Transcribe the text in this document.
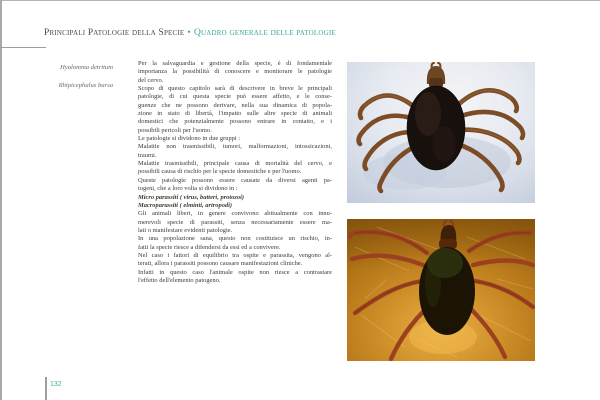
Principali Patologie della Specie • Quadro generale delle patologie
Hyalomma detritum
Rhipicephalus bursa
Per la salvaguardia e gestione della specie, è di fondamentale
importanza la possibilità di conoscere e monitorare le patologie
del cervo.
Scopo di questo capitolo sarà di descrivere in breve le principali
patologie, di cui questa specie può essere affetto, e le conse-
guenze che ne possono derivare, nella sua dinamica di popola-
zione in stato di libertà, l'impatto sulle altre specie di animali
domestici che potenzialmente possono entrare in contatto, e i
possibili pericoli per l'uomo.
Le patologie si dividono in due gruppi :
Malattie non trasmissibili, tumori, malformazioni, intossicazioni,
traumi.
Malattie trasmissibili, principale causa di mortalità del cervo, e
possibili causa di rischio per le specie domestiche e per l'uomo.
Queste patologie possono essere causate da diversi agenti pa-
togeni, che a loro volta si dividono in :
Micro parassiti ( virus, batteri, protozoi)
Macroparassiti ( elminti, artropodi)
Gli animali liberi, in genere convivono abitualmente con innu-
merevoli specie di parassiti, senza necessariamente essere ma-
lati o manifestare evidenti patologie.
In una popolazione sana, questo non costituisce un rischio, in-
fatti la specie riesce a difendersi da essi ed a convivere.
Nel caso i fattori di equilibrio tra ospite e parassita, vengono al-
terati, allora i parassiti possono causare manifestazioni cliniche.
Infatti in questo caso l'animale ospite non riesce a contrastare
l'effetto dell'elemento patogeno.
132
